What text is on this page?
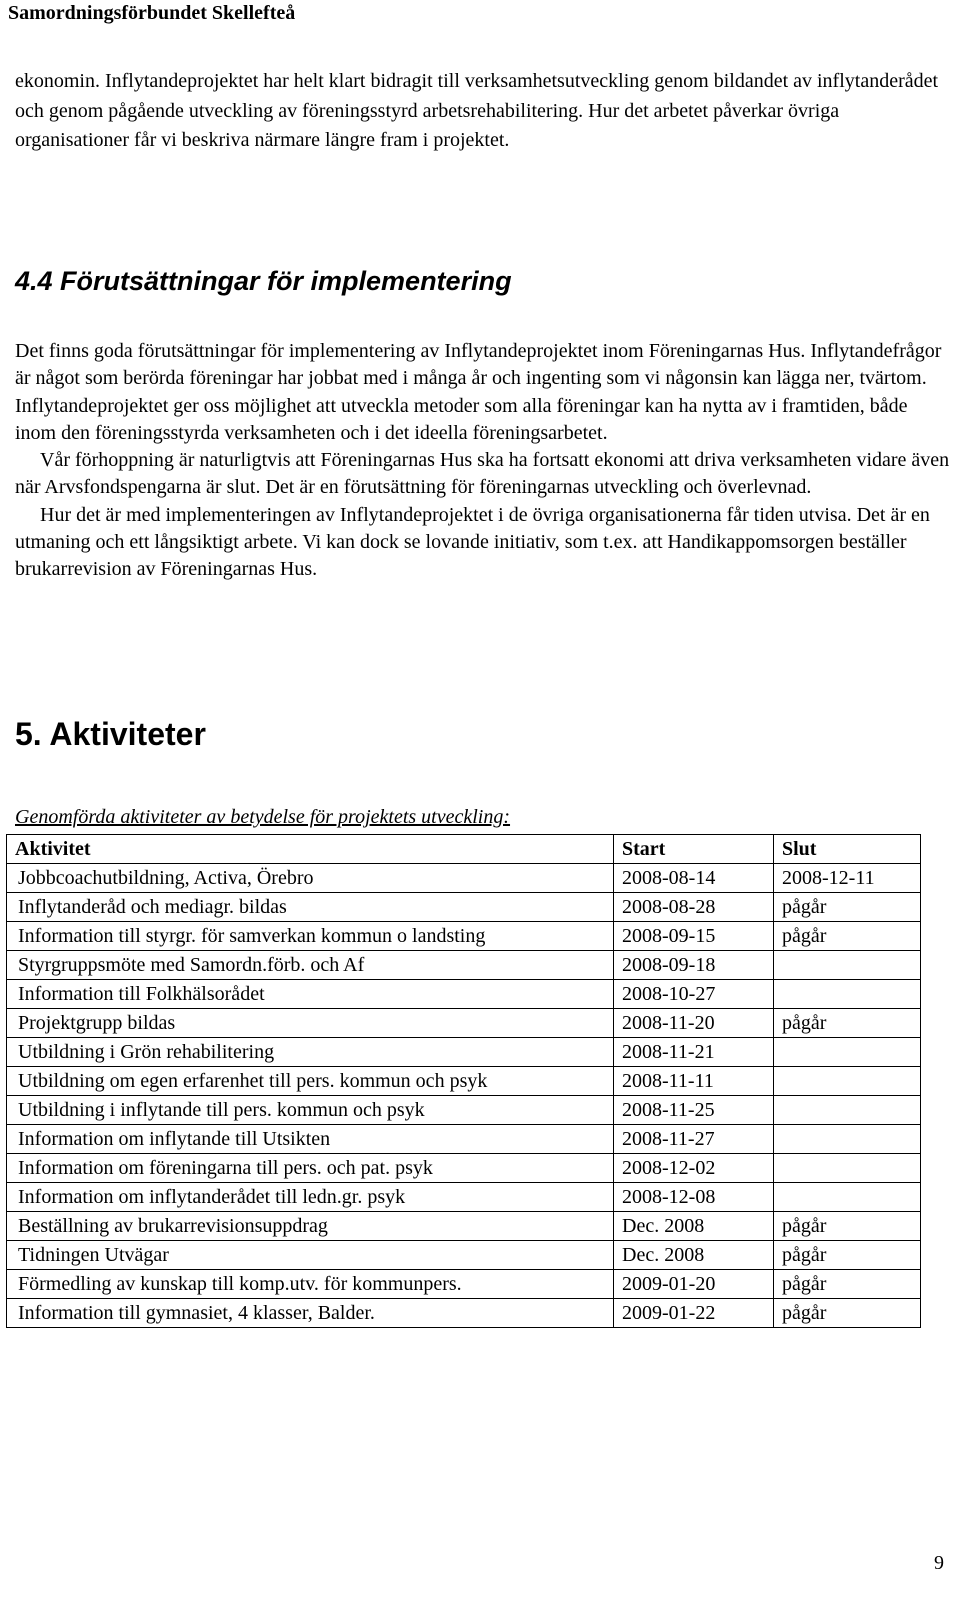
Samordningsförbundet Skellefteå

ekonomin. Inflytandeprojektet har helt klart bidragit till verksamhetsutveckling genom bildandet av inflytanderådet och genom pågående utveckling av föreningsstyrd arbetsrehabilitering. Hur det arbetet påverkar övriga organisationer får vi beskriva närmare längre fram i projektet.

4.4 Förutsättningar för implementering

Det finns goda förutsättningar för implementering av Inflytandeprojektet inom Föreningarnas Hus. Inflytandefrågor är något som berörda föreningar har jobbat med i många år och ingenting som vi någonsin kan lägga ner, tvärtom. Inflytandeprojektet ger oss möjlighet att utveckla metoder som alla föreningar kan ha nytta av i framtiden, både inom den föreningsstyrda verksamheten och i det ideella föreningsarbetet.

Vår förhoppning är naturligtvis att Föreningarnas Hus ska ha fortsatt ekonomi att driva verksamheten vidare även när Arvsfondspengarna är slut. Det är en förutsättning för föreningarnas utveckling och överlevnad.

Hur det är med implementeringen av Inflytandeprojektet i de övriga organisationerna får tiden utvisa. Det är en utmaning och ett långsiktigt arbete. Vi kan dock se lovande initiativ, som t.ex. att Handikappomsorgen beställer brukarrevision av Föreningarnas Hus.

5. Aktiviteter
Genomförda aktiviteter av betydelse för projektets utveckling:
Aktivitet	Start	Slut
Jobbcoachutbildning, Activa, Örebro	2008-08-14	2008-12-11
Inflytanderåd och mediagr. bildas	2008-08-28	pågår
Information till styrgr. för samverkan kommun o landsting	2008-09-15	pågår
Styrgruppsmöte med Samordn.förb. och Af	2008-09-18	
Information till Folkhälsorådet	2008-10-27	
Projektgrupp bildas	2008-11-20	pågår
Utbildning i Grön rehabilitering	2008-11-21	
Utbildning om egen erfarenhet till pers. kommun och psyk	2008-11-11	
Utbildning i inflytande till pers. kommun och psyk	2008-11-25	
Information om inflytande till Utsikten	2008-11-27	
Information om föreningarna till pers. och pat. psyk	2008-12-02	
Information om inflytanderådet till ledn.gr. psyk	2008-12-08	
Beställning av brukarrevisionsuppdrag	Dec. 2008	pågår
Tidningen Utvägar	Dec. 2008	pågår
Förmedling av kunskap till komp.utv. för kommunpers.	2009-01-20	pågår
Information till gymnasiet, 4 klasser, Balder.	2009-01-22	pågår
9
